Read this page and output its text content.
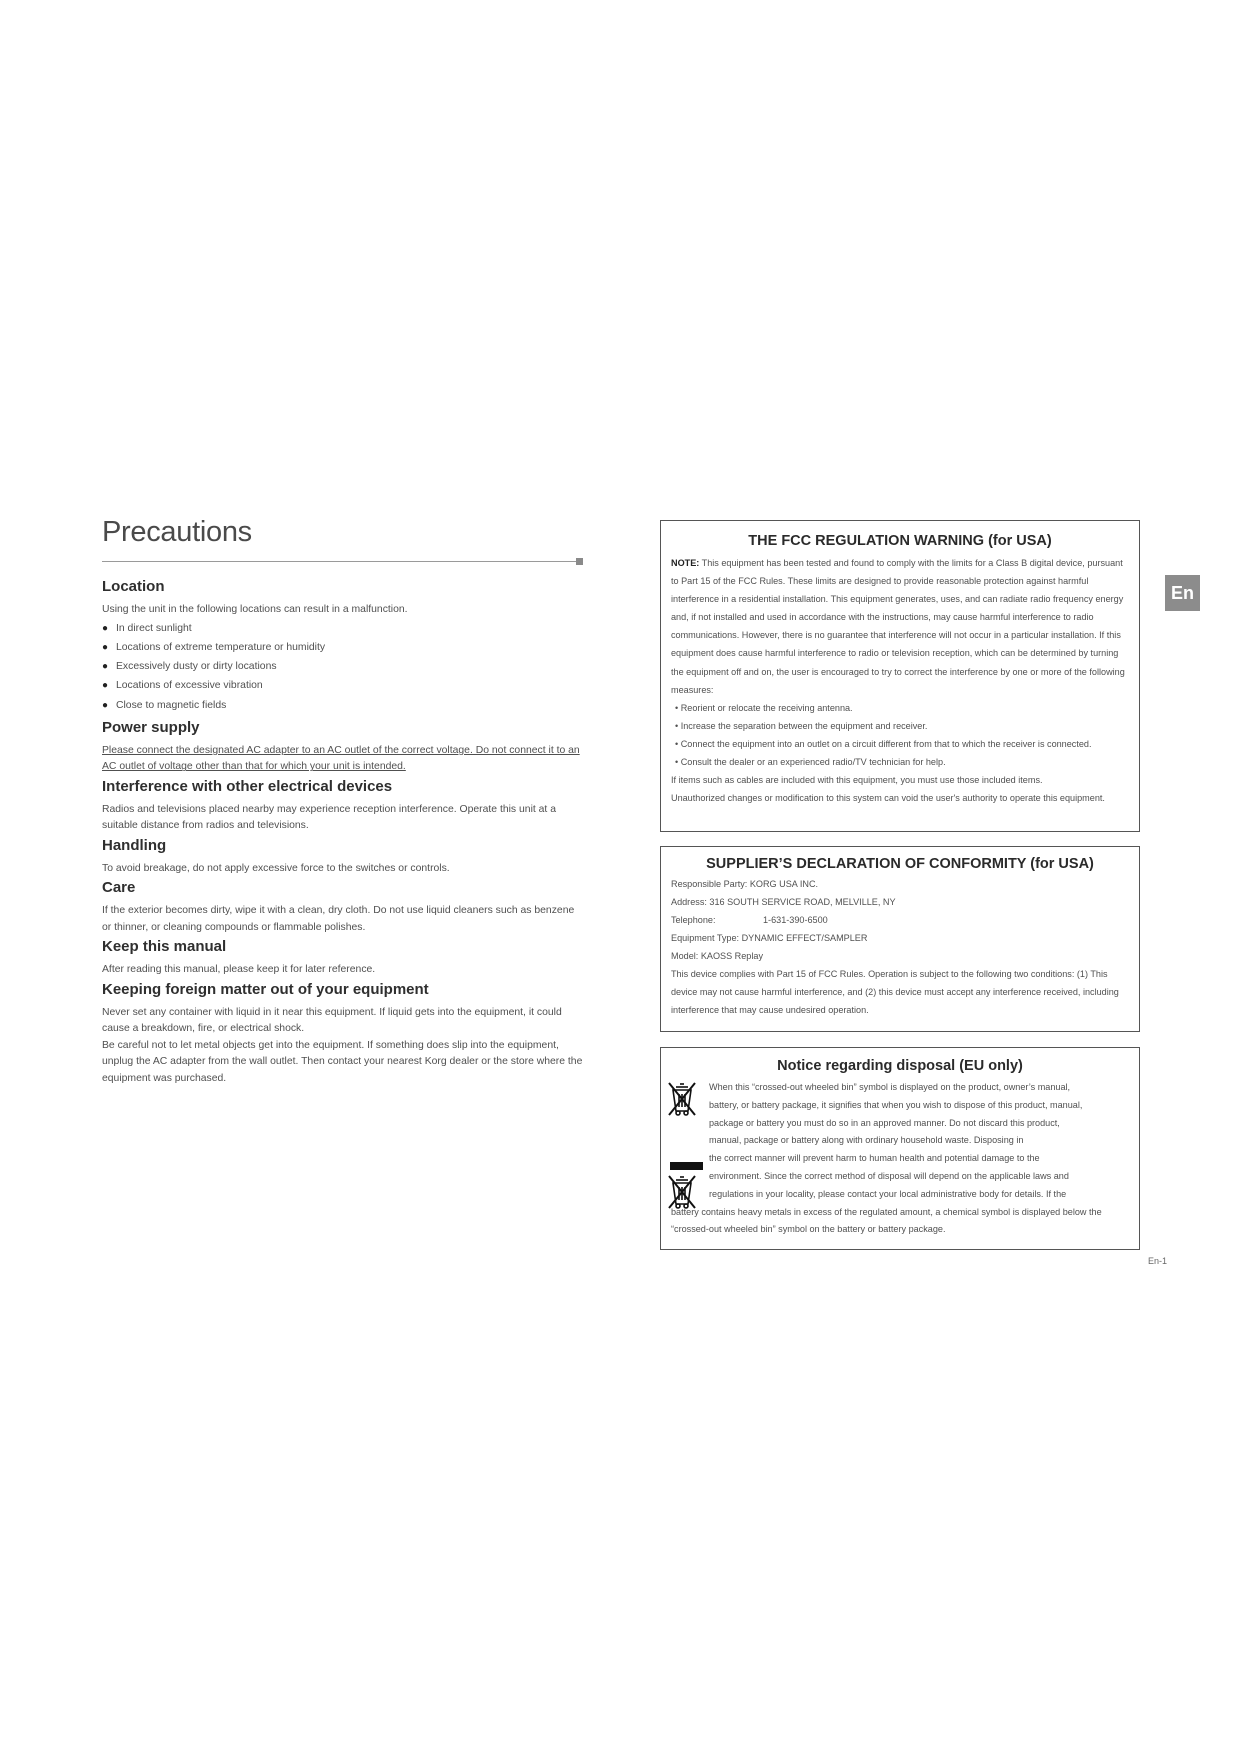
Precautions
Location

Using the unit in the following locations can result in a malfunction.

● In direct sunlight
● Locations of extreme temperature or humidity
● Excessively dusty or dirty locations
● Locations of excessive vibration
● Close to magnetic fields
Power supply

Please connect the designated AC adapter to an AC outlet of the correct voltage. Do not connect it to an AC outlet of voltage other than that for which your unit is intended.

Interference with other electrical devices

Radios and televisions placed nearby may experience reception interference. Operate this unit at a suitable distance from radios and televisions.

Handling

To avoid breakage, do not apply excessive force to the switches or controls.

Care

If the exterior becomes dirty, wipe it with a clean, dry cloth. Do not use liquid cleaners such as benzene or thinner, or cleaning compounds or flammable polishes.

Keep this manual

After reading this manual, please keep it for later reference.

Keeping foreign matter out of your equipment

Never set any container with liquid in it near this equipment. If liquid gets into the equipment, it could cause a breakdown, fire, or electrical shock.

Be careful not to let metal objects get into the equipment. If something does slip into the equipment, unplug the AC adapter from the wall outlet. Then contact your nearest Korg dealer or the store where the equipment was purchased.

THE FCC REGULATION WARNING (for USA)

NOTE: This equipment has been tested and found to comply with the limits for a Class B digital device, pursuant to Part 15 of the FCC Rules. These limits are designed to provide reasonable protection against harmful interference in a residential installation. This equipment generates, uses, and can radiate radio frequency energy and, if not installed and used in accordance with the instructions, may cause harmful interference to radio communications. However, there is no guarantee that interference will not occur in a particular installation. If this equipment does cause harmful interference to radio or television reception, which can be determined by turning the equipment off and on, the user is encouraged to try to correct the interference by one or more of the following measures:

• Reorient or relocate the receiving antenna.

• Increase the separation between the equipment and receiver.

• Connect the equipment into an outlet on a circuit different from that to which the receiver is connected.

• Consult the dealer or an experienced radio/TV technician for help.

If items such as cables are included with this equipment, you must use those included items.

Unauthorized changes or modification to this system can void the user's authority to operate this equipment.

SUPPLIER’S DECLARATION OF CONFORMITY (for USA)

Responsible Party: KORG USA INC.

Address: 316 SOUTH SERVICE ROAD, MELVILLE, NY

Telephone:	1-631-390-6500

Equipment Type: DYNAMIC EFFECT/SAMPLER

Model: KAOSS Replay

This device complies with Part 15 of FCC Rules. Operation is subject to the following two conditions: (1) This device may not cause harmful interference, and (2) this device must accept any interference received, including interference that may cause undesired operation.

Notice regarding disposal (EU only)

When this “crossed-out wheeled bin” symbol is displayed on the product, owner’s manual,

battery, or battery package, it signifies that when you wish to dispose of this product, manual,

package or battery you must do so in an approved manner. Do not discard this product,

manual, package or battery along with ordinary household waste. Disposing in

the correct manner will prevent harm to human health and potential damage to the

environment. Since the correct method of disposal will depend on the applicable laws and

regulations in your locality, please contact your local administrative body for details. If the

battery contains heavy metals in excess of the regulated amount, a chemical symbol is displayed below the “crossed-out wheeled bin” symbol on the battery or battery package.

En
En-1
